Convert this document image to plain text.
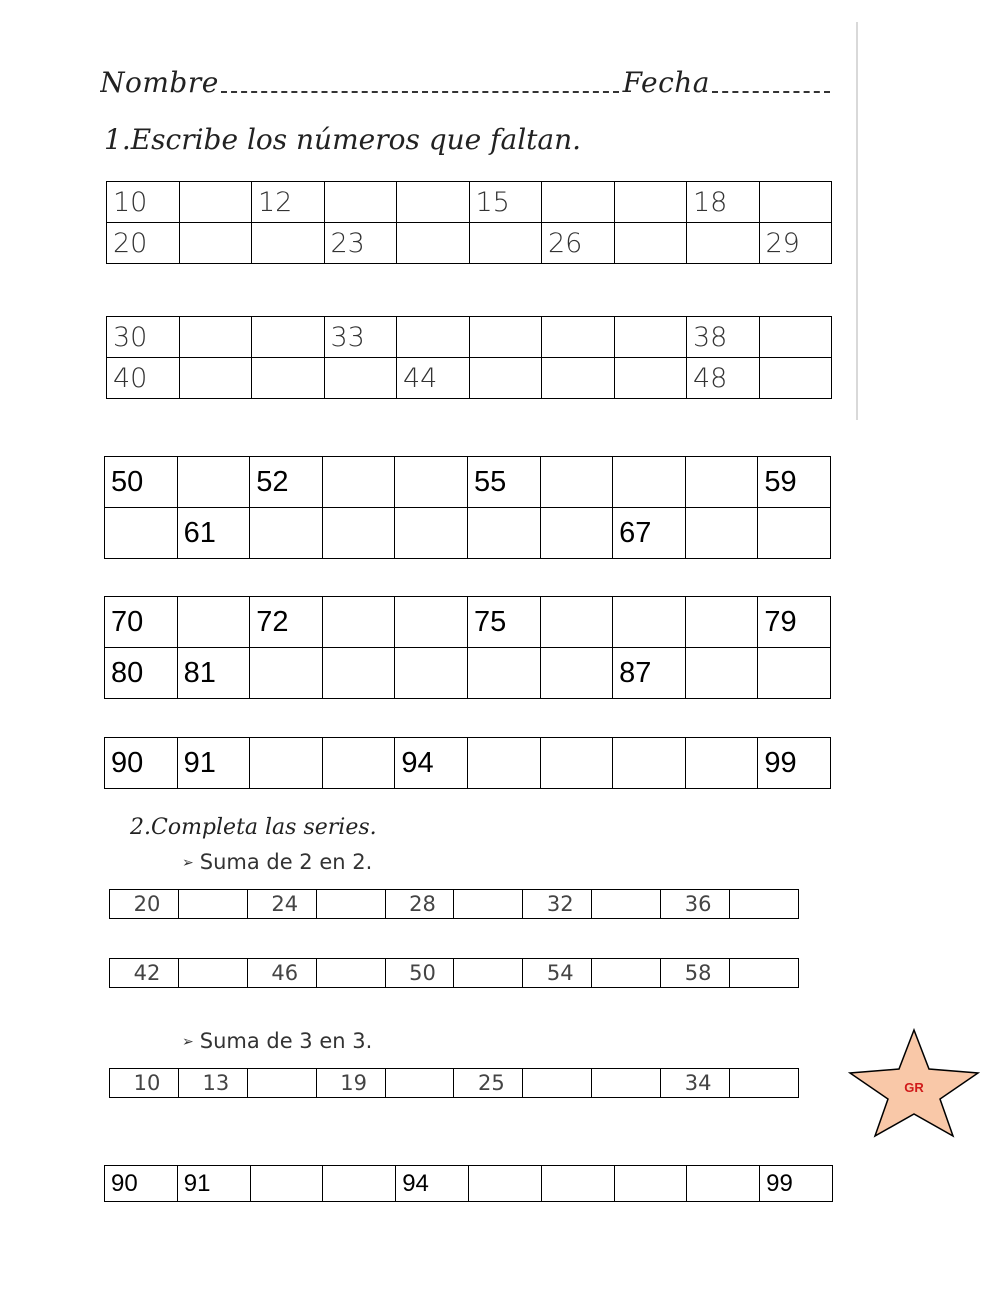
Nombre	Fecha
1.Escribe los números que faltan.
10		12			15			18	
20			23			26			29
30			33					38	
40				44				48	
50		52			55				59
	61						67		
70		72			75				79
80	81						87		
90	91			94					99
2.Completa las series.
➢ Suma de 2 en 2.
20		24		28		32		36	
42		46		50		54		58	
➢ Suma de 3 en 3.
10	13		19		25			34	
90	91			94					99
GR
